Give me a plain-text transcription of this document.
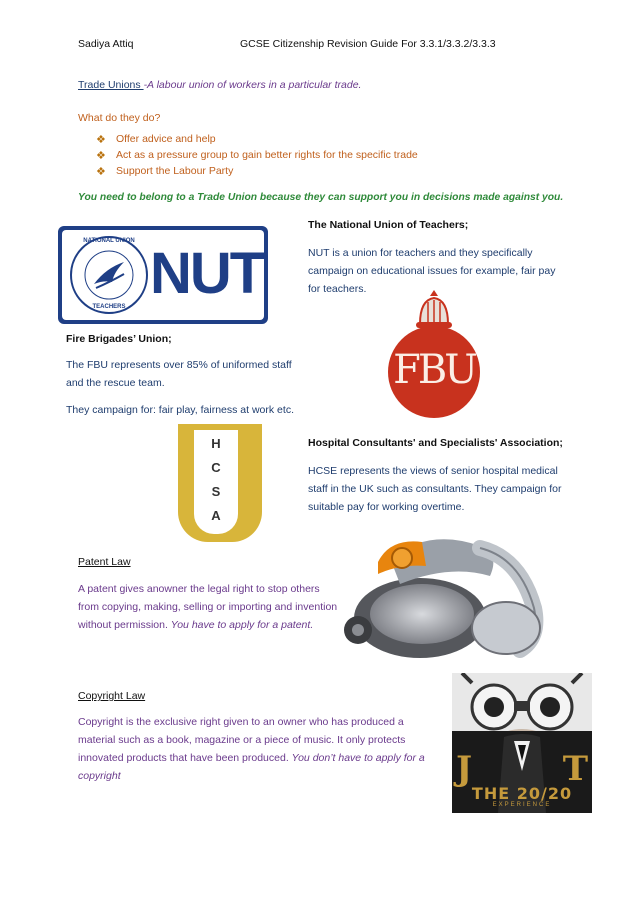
Sadiya Attiq	GCSE Citizenship Revision Guide For 3.3.1/3.3.2/3.3.3
Trade Unions -A labour union of workers in a particular trade.
What do they do?
❖ Offer advice and help
❖ Act as a pressure group to gain better rights for the specific trade
❖ Support the Labour Party
You need to belong to a Trade Union because they can support you in decisions made against you.
NATIONAL UNION
TEACHERS
NUT
The National Union of Teachers;
NUT is a union for teachers and they specifically campaign on educational issues for example, fair pay for teachers.
Fire Brigades’ Union;
The FBU represents over 85% of uniformed staff and the rescue team.
They campaign for: fair play, fairness at work etc.
FBU
H
C
S
A
Hospital Consultants' and Specialists' Association;
HCSE represents the views of senior hospital medical staff in the UK such as consultants. They campaign for suitable pay for working overtime.
Patent Law
A patent gives anowner the legal right to stop others from copying, making, selling or importing and invention without permission. You have to apply for a patent.
Copyright Law
Copyright is the exclusive right given to an owner who has produced a material such as a book, magazine or a piece of music. It only protects innovated products that have been produced. You don’t have to apply for a copyright	J	T
THE 20/20
EXPERIENCE
